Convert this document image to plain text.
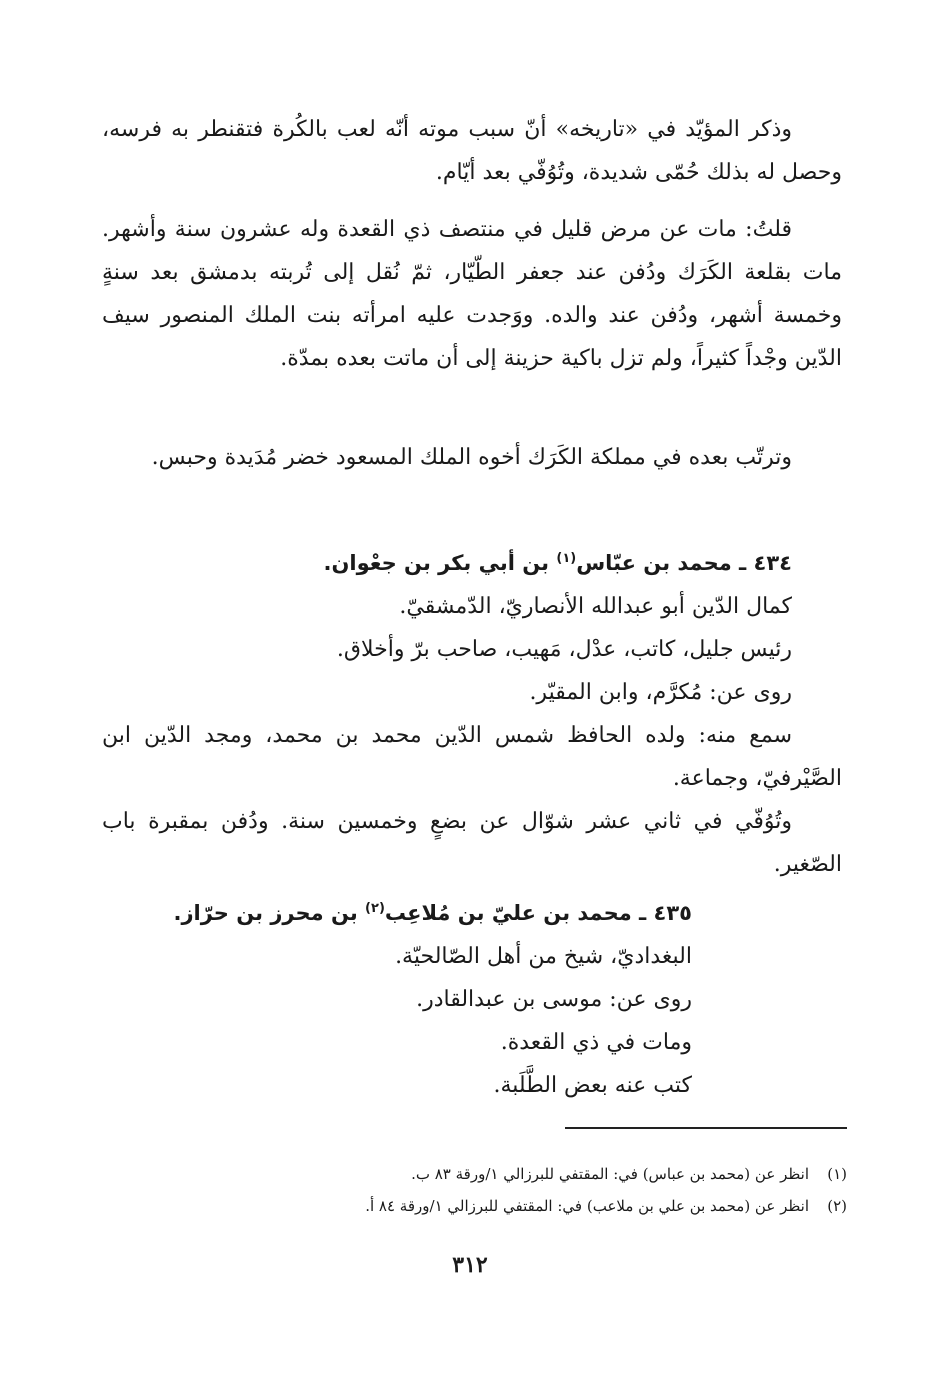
وذكر المؤيّد في «تاريخه» أنّ سبب موته أنّه لعب بالكُرة فتقنطر به فرسه، وحصل له بذلك حُمّى شديدة، وتُوُفّي بعد أيّام.

قلتُ: مات عن مرض قليل في منتصف ذي القعدة وله عشرون سنة وأشهر. مات بقلعة الكَرَك ودُفن عند جعفر الطّيّار، ثمّ نُقل إلى تُربته بدمشق بعد سنةٍ وخمسة أشهر، ودُفن عند والده. ووَجدت عليه امرأته بنت الملك المنصور سيف الدّين وجْداً كثيراً، ولم تزل باكية حزينة إلى أن ماتت بعده بمدّة.

وترتّب بعده في مملكة الكَرَك أخوه الملك المسعود خضر مُدَيدة وحبس.

٤٣٤ ـ محمد بن عبّاس$^{(١)}$ بن أبي بكر بن جعْوان.

كمال الدّين أبو عبدالله الأنصاريّ، الدّمشقيّ.

رئيس جليل، كاتب، عدْل، مَهيب، صاحب برّ وأخلاق.

روى عن: مُكرَّم، وابن المقيّر.

سمع منه: ولده الحافظ شمس الدّين محمد بن محمد، ومجد الدّين ابن الصَّيْرفيّ، وجماعة.

وتُوُفّي في ثاني عشر شوّال عن بضعٍ وخمسين سنة. ودُفن بمقبرة باب الصّغير.

٤٣٥ ـ محمد بن عليّ بن مُلاعِب$^{(٢)}$ بن محرز بن حرّاز.

البغداديّ، شيخ من أهل الصّالحيّة.

روى عن: موسى بن عبدالقادر.

ومات في ذي القعدة.

كتب عنه بعض الطَّلَبة.

(١)انظر عن (محمد بن عباس) في: المقتفي للبرزالي ١/ورقة ٨٣ ب.
(٢)انظر عن (محمد بن علي بن ملاعب) في: المقتفي للبرزالي ١/ورقة ٨٤ أ.
٣١٢
